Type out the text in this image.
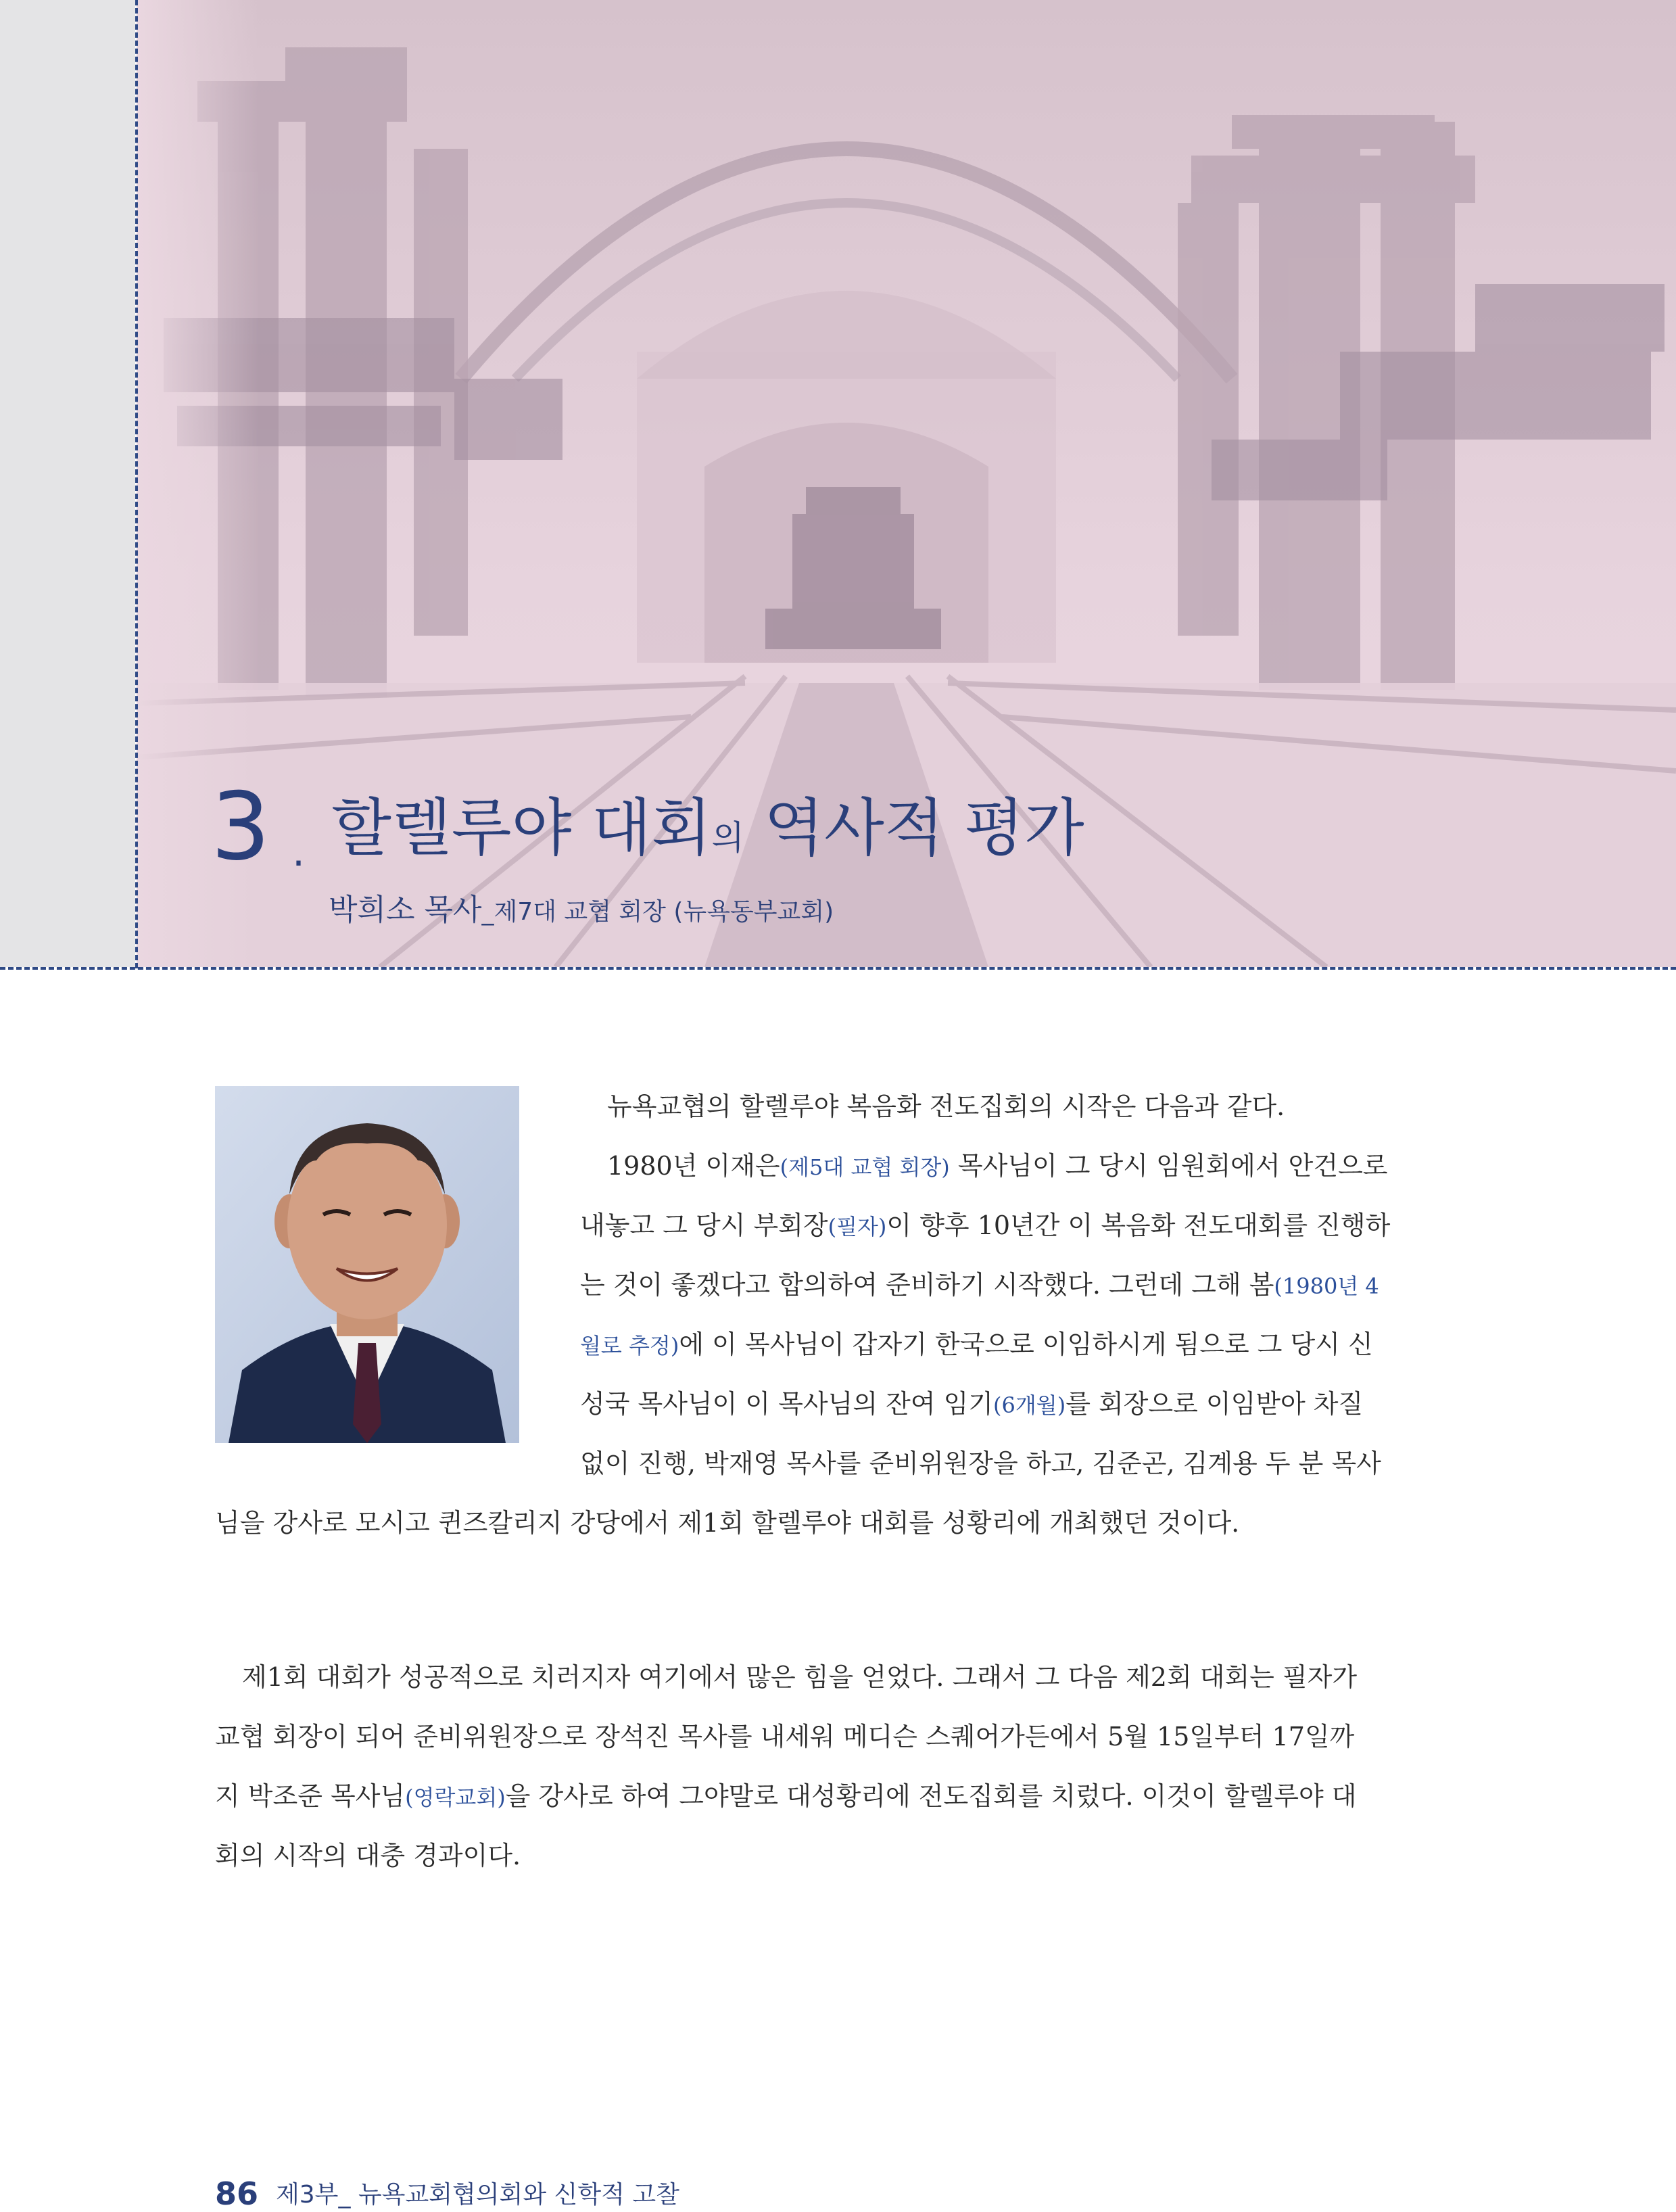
3 . 할렐루야 대회의 역사적 평가
박희소 목사_제7대 교협 회장 (뉴욕동부교회)
뉴욕교협의 할렐루야 복음화 전도집회의 시작은 다음과 같다.
1980년 이재은(제5대 교협 회장) 목사님이 그 당시 임원회에서 안건으로
내놓고 그 당시 부회장(필자)이 향후 10년간 이 복음화 전도대회를 진행하
는 것이 좋겠다고 합의하여 준비하기 시작했다. 그런데 그해 봄(1980년 4
월로 추정)에 이 목사님이 갑자기 한국으로 이임하시게 됨으로 그 당시 신
성국 목사님이 이 목사님의 잔여 임기(6개월)를 회장으로 이임받아 차질
없이 진행, 박재영 목사를 준비위원장을 하고, 김준곤, 김계용 두 분 목사
님을 강사로 모시고 퀸즈칼리지 강당에서 제1회 할렐루야 대회를 성황리에 개최했던 것이다.
제1회 대회가 성공적으로 치러지자 여기에서 많은 힘을 얻었다. 그래서 그 다음 제2회 대회는 필자가
교협 회장이 되어 준비위원장으로 장석진 목사를 내세워 메디슨 스퀘어가든에서 5월 15일부터 17일까
지 박조준 목사님(영락교회)을 강사로 하여 그야말로 대성황리에 전도집회를 치렀다. 이것이 할렐루야 대
회의 시작의 대충 경과이다.
86 제3부_ 뉴욕교회협의회와 신학적 고찰
